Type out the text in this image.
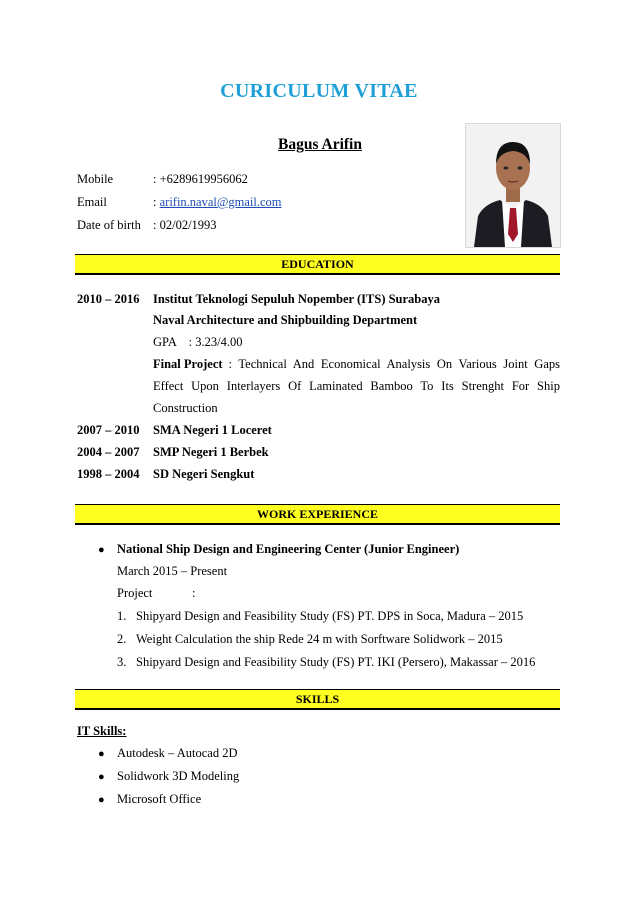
CURICULUM VITAE
Bagus Arifin
Mobile	: +6289619956062
Email	: arifin.naval@gmail.com
Date of birth : 02/02/1993
EDUCATION
2010 – 2016 Institut Teknologi Sepuluh Nopember (ITS) Surabaya
Naval Architecture and Shipbuilding Department
GPA    : 3.23/4.00
Final Project : Technical And Economical Analysis On Various Joint Gaps
Effect Upon Interlayers Of Laminated Bamboo To Its Strenght For Ship
Construction
2007 – 2010 SMA Negeri 1 Loceret
2004 – 2007 SMP Negeri 1 Berbek
1998 – 2004 SD Negeri Sengkut
WORK EXPERIENCE
● National Ship Design and Engineering Center (Junior Engineer)
March 2015 – Present
Project	:
1. Shipyard Design and Feasibility Study (FS) PT. DPS in Soca, Madura – 2015
2. Weight Calculation the ship Rede 24 m with Sorftware Solidwork – 2015
3. Shipyard Design and Feasibility Study (FS) PT. IKI (Persero), Makassar – 2016
SKILLS
IT Skills:
● Autodesk – Autocad 2D
● Solidwork 3D Modeling
● Microsoft Office
